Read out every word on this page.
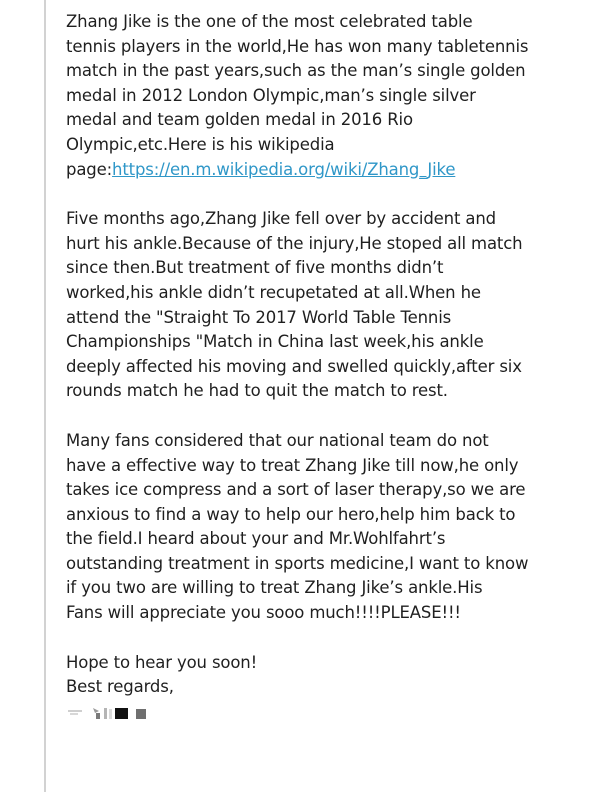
Zhang Jike is the one of the most celebrated table
tennis players in the world,He has won many tabletennis
match in the past years,such as the man’s single golden
medal in 2012 London Olympic,man’s single silver
medal and team golden medal in 2016 Rio
Olympic,etc.Here is his wikipedia
page:https://en.m.wikipedia.org/wiki/Zhang_Jike
Five months ago,Zhang Jike fell over by accident and
hurt his ankle.Because of the injury,He stoped all match
since then.But treatment of five months didn’t
worked,his ankle didn’t recupetated at all.When he
attend the "Straight To 2017 World Table Tennis
Championships "Match in China last week,his ankle
deeply affected his moving and swelled quickly,after six
rounds match he had to quit the match to rest.
Many fans considered that our national team do not
have a effective way to treat Zhang Jike till now,he only
takes ice compress and a sort of laser therapy,so we are
anxious to find a way to help our hero,help him back to
the field.I heard about your and Mr.Wohlfahrt’s
outstanding treatment in sports medicine,I want to know
if you two are willing to treat Zhang Jike’s ankle.His
Fans will appreciate you sooo much!!!!PLEASE!!!
Hope to hear you soon!
Best regards,
